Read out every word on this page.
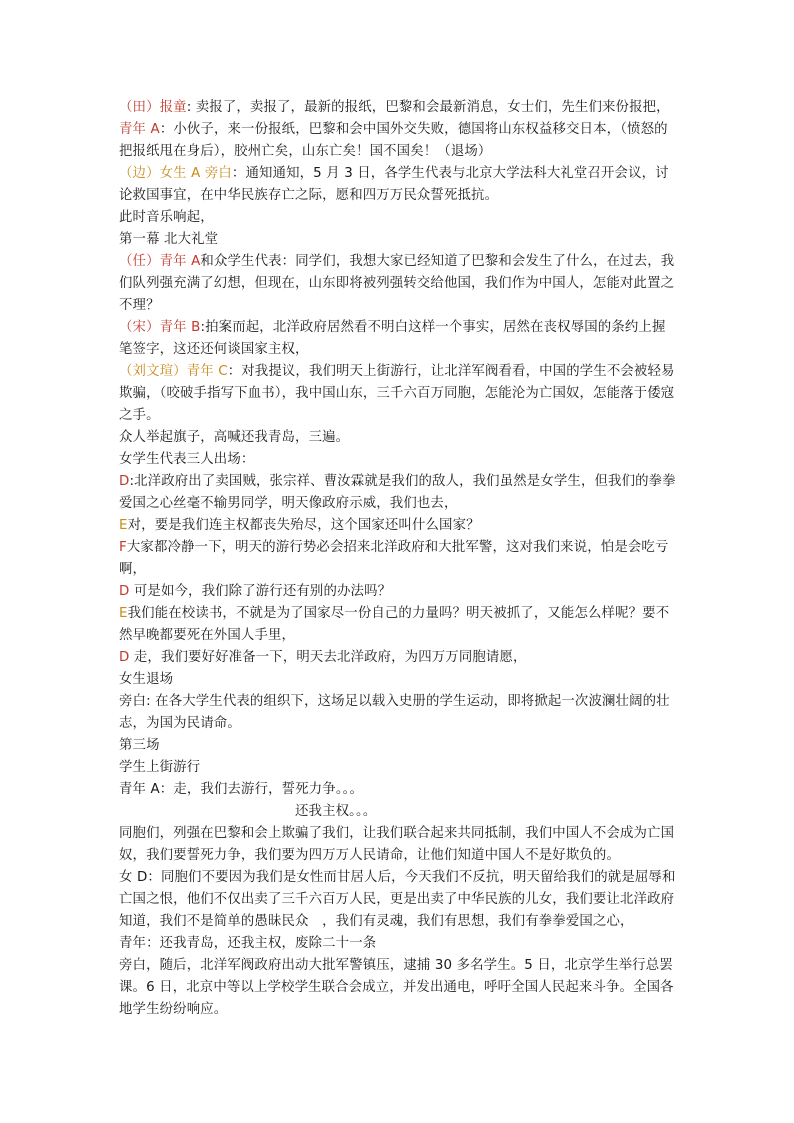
（田）报童: 卖报了，卖报了，最新的报纸，巴黎和会最新消息，女士们，先生们来份报把，

青年 A：小伙子，来一份报纸，巴黎和会中国外交失败，德国将山东权益移交日本，（愤怒的把报纸甩在身后），胶州亡矣，山东亡矣！国不国矣！（退场）

（边）女生 A 旁白：通知通知，5 月 3 日，各学生代表与北京大学法科大礼堂召开会议，讨论救国事宜，在中华民族存亡之际，愿和四万万民众誓死抵抗。

此时音乐响起，

第一幕 北大礼堂

（任）青年 A和众学生代表：同学们，我想大家已经知道了巴黎和会发生了什么，在过去，我们队列强充满了幻想，但现在，山东即将被列强转交给他国，我们作为中国人，怎能对此置之不理？

（宋）青年 B:拍案而起，北洋政府居然看不明白这样一个事实，居然在丧权辱国的条约上握笔签字，这还还何谈国家主权，

（刘文瑄）青年 C：对我提议，我们明天上街游行，让北洋军阀看看，中国的学生不会被轻易欺骗，（咬破手指写下血书），我中国山东，三千六百万同胞，怎能沦为亡国奴，怎能落于倭寇之手。

众人举起旗子，高喊还我青岛，三遍。

女学生代表三人出场：

D:北洋政府出了卖国贼，张宗祥、曹汝霖就是我们的敌人，我们虽然是女学生，但我们的拳拳爱国之心丝毫不输男同学，明天像政府示威，我们也去，

E对，要是我们连主权都丧失殆尽，这个国家还叫什么国家？

F大家都冷静一下，明天的游行势必会招来北洋政府和大批军警，这对我们来说，怕是会吃亏啊，

D 可是如今，我们除了游行还有别的办法吗？

E我们能在校读书，不就是为了国家尽一份自己的力量吗？明天被抓了，又能怎么样呢？要不然早晚都要死在外国人手里，

D 走，我们要好好准备一下，明天去北洋政府，为四万万同胞请愿，

女生退场

旁白: 在各大学生代表的组织下，这场足以载入史册的学生运动，即将掀起一次波澜壮阔的壮志，为国为民请命。

第三场

学生上街游行

青年 A：走，我们去游行，誓死力争。。。

还我主权。。。

同胞们，列强在巴黎和会上欺骗了我们，让我们联合起来共同抵制，我们中国人不会成为亡国奴，我们要誓死力争，我们要为四万万人民请命，让他们知道中国人不是好欺负的。

女 D：同胞们不要因为我们是女性而甘居人后，今天我们不反抗，明天留给我们的就是屈辱和亡国之恨，他们不仅出卖了三千六百万人民，更是出卖了中华民族的儿女，我们要让北洋政府知道，我们不是简单的愚昧民众　，我们有灵魂，我们有思想，我们有拳拳爱国之心，

青年：还我青岛，还我主权，废除二十一条

旁白，随后，北洋军阀政府出动大批军警镇压，逮捕 30 多名学生。5 日，北京学生举行总罢课。6 日，北京中等以上学校学生联合会成立，并发出通电，呼吁全国人民起来斗争。全国各地学生纷纷响应。
